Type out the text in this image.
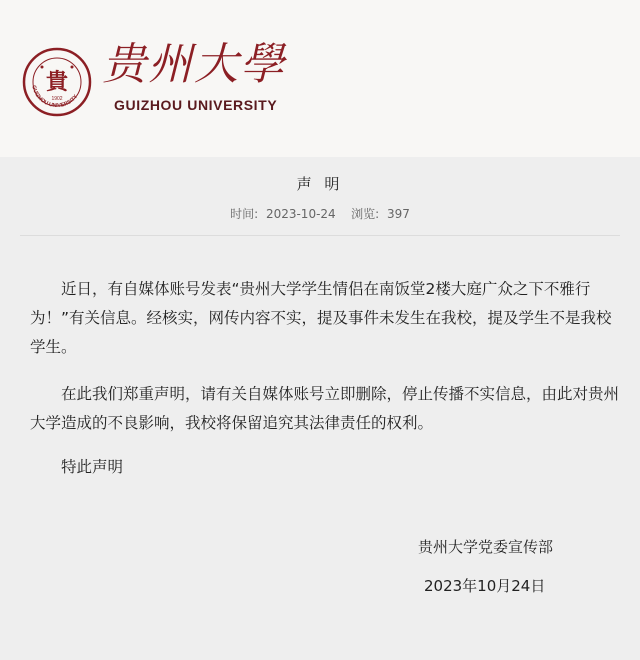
GUIZHOU UNIVERSITY
貴
1902
贵州大學
GUIZHOU UNIVERSITY
声 明
时间: 2023-10-24 浏览: 397

近日，有自媒体账号发表“贵州大学学生情侣在南饭堂2楼大庭广众之下不雅行为！”有关信息。经核实，网传内容不实，提及事件未发生在我校，提及学生不是我校学生。

在此我们郑重声明，请有关自媒体账号立即删除，停止传播不实信息，由此对贵州大学造成的不良影响，我校将保留追究其法律责任的权利。

特此声明

贵州大学党委宣传部
2023年10月24日
